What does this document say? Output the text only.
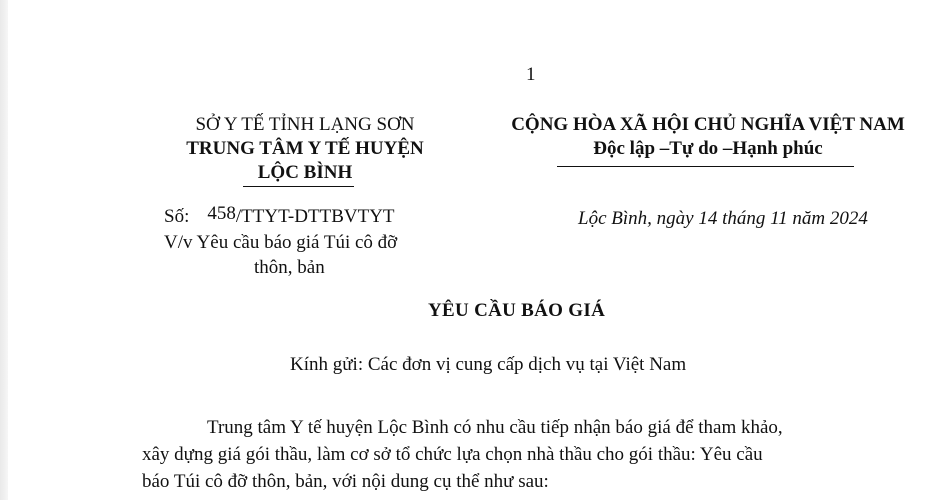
1
SỞ Y TẾ TỈNH LẠNG SƠN
TRUNG TÂM Y TẾ HUYỆN
LỘC BÌNH
CỘNG HÒA XÃ HỘI CHỦ NGHĨA VIỆT NAM
Độc lập –Tự do –Hạnh phúc
Số: 458/TTYT-DTTBVTYT
V/v Yêu cầu báo giá Túi cô đỡ
thôn, bản
Lộc Bình, ngày 14 tháng 11 năm 2024
YÊU CẦU BÁO GIÁ
Kính gửi: Các đơn vị cung cấp dịch vụ tại Việt Nam
Trung tâm Y tế huyện Lộc Bình có nhu cầu tiếp nhận báo giá để tham khảo,
xây dựng giá gói thầu, làm cơ sở tổ chức lựa chọn nhà thầu cho gói thầu: Yêu cầu
báo Túi cô đỡ thôn, bản, với nội dung cụ thể như sau:
